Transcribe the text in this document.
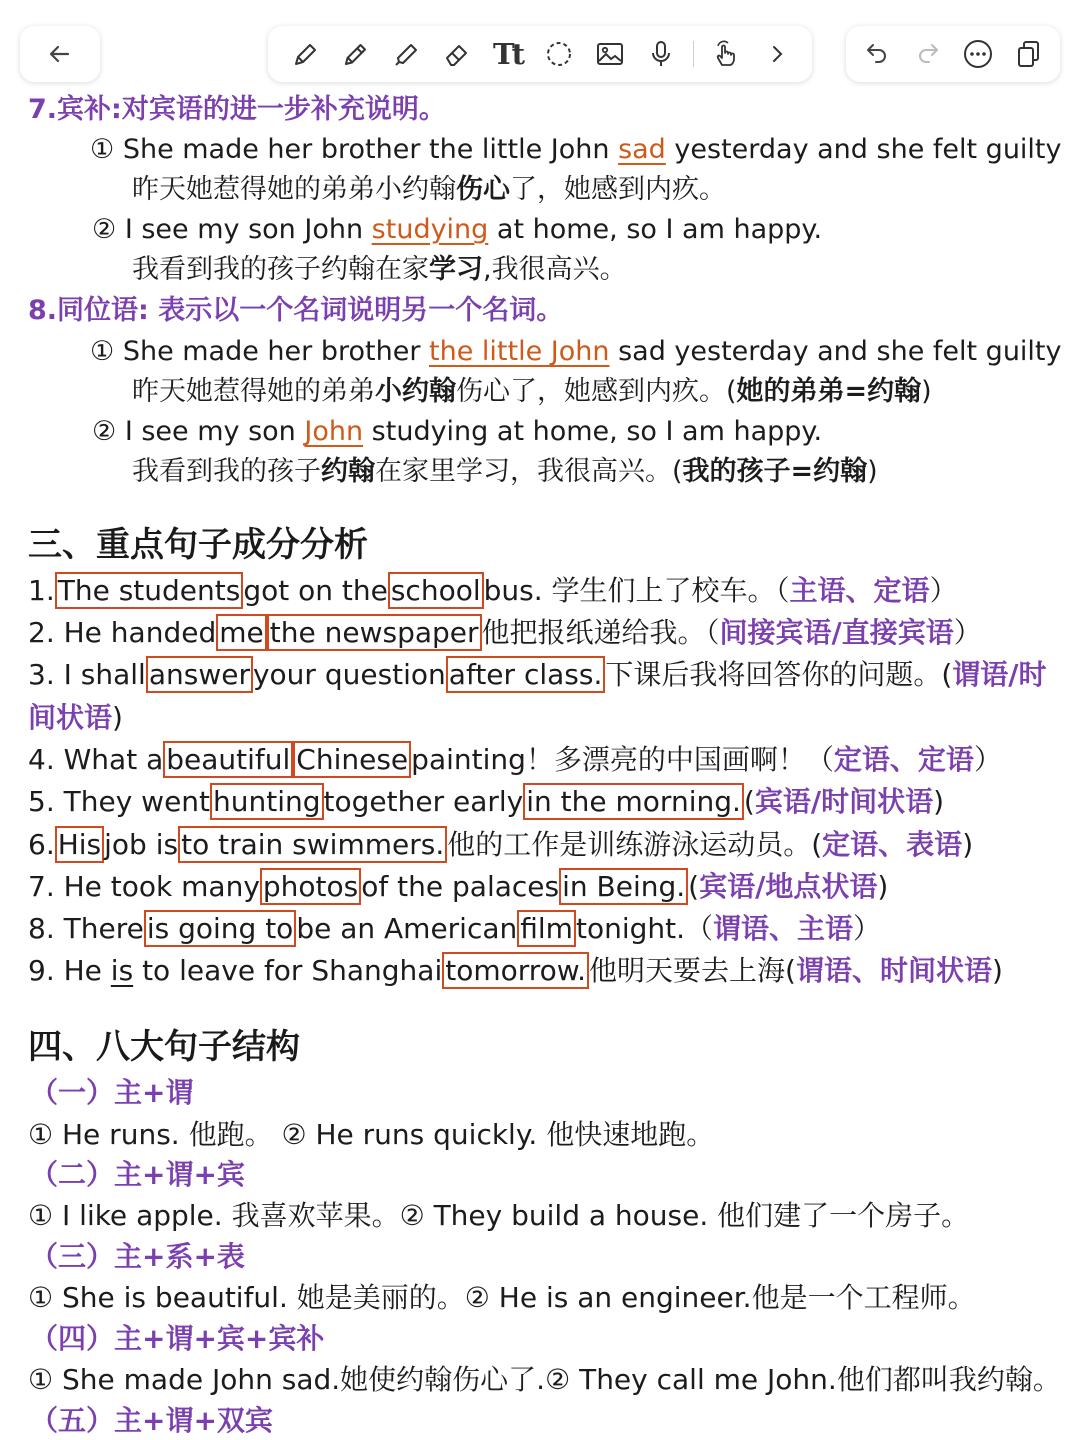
Tt
7.宾补:对宾语的进一步补充说明。
① She made her brother the little John sad yesterday and she felt guilty
昨天她惹得她的弟弟小约翰伤心了，她感到内疚。
② I see my son John studying at home, so I am happy.
我看到我的孩子约翰在家学习,我很高兴。
8.同位语: 表示以一个名词说明另一个名词。
① She made her brother the little John sad yesterday and she felt guilty
昨天她惹得她的弟弟小约翰伤心了，她感到内疚。(她的弟弟=约翰)
② I see my son John studying at home, so I am happy.
我看到我的孩子约翰在家里学习，我很高兴。(我的孩子=约翰)
三、重点句子成分分析
1. The students got on the school bus. 学生们上了校车。（主语、定语）
2. He handed me the newspaper 他把报纸递给我。（间接宾语/直接宾语）
3. I shall answer your question after class. 下课后我将回答你的问题。(谓语/时
间状语)
4. What a beautiful Chinese painting！多漂亮的中国画啊！（定语、定语）
5. They went hunting together early in the morning. (宾语/时间状语)
6. His job is to train swimmers. 他的工作是训练游泳运动员。(定语、表语)
7. He took many photos of the palaces in Being. (宾语/地点状语)
8. There is going to be an American film tonight.（谓语、主语）
9. He is to leave for Shanghai tomorrow. 他明天要去上海(谓语、时间状语)
四、八大句子结构
（一）主+谓
① He runs. 他跑。 ② He runs quickly. 他快速地跑。
（二）主+谓+宾
① I like apple. 我喜欢苹果。② They build a house. 他们建了一个房子。
（三）主+系+表
① She is beautiful. 她是美丽的。② He is an engineer.他是一个工程师。
（四）主+谓+宾+宾补
① She made John sad.她使约翰伤心了.② They call me John.他们都叫我约翰。
（五）主+谓+双宾
